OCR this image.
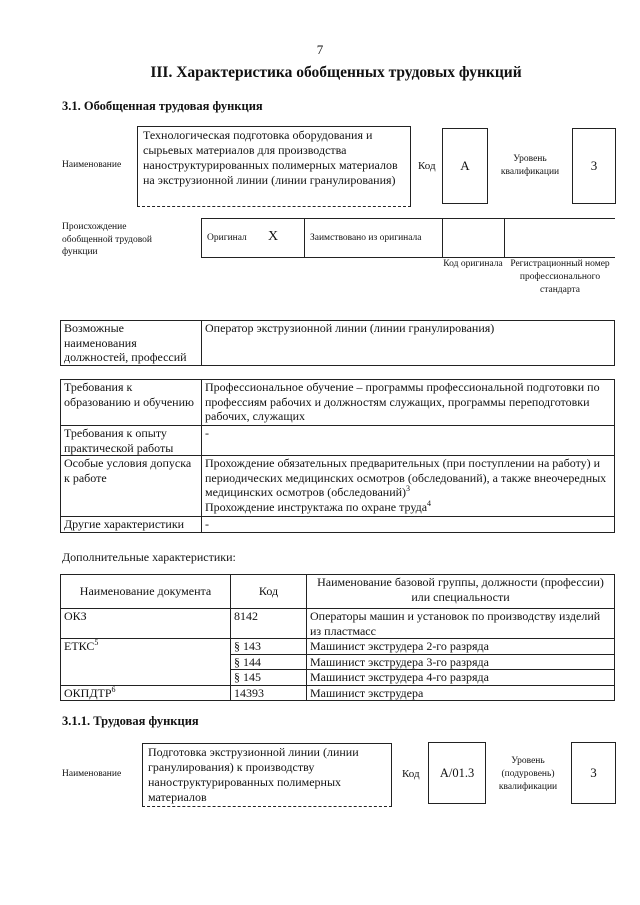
7
III. Характеристика обобщенных трудовых функций
3.1. Обобщенная трудовая функция
Наименование
Технологическая подготовка оборудования и сырьевых материалов для производства наноструктурированных полимерных материалов на экструзионной линии (линии гранулирования)
Код	А	Уровень квалификации	3
Происхождение обобщенной трудовой функции
Оригинал X	Заимствовано из оригинала
Код оригинала Регистрационный номер профессионального стандарта
Возможные наименования должностей, профессий	Оператор экструзионной линии (линии гранулирования)
Требования к образованию и обучению	Профессиональное обучение – программы профессиональной подготовки по профессиям рабочих и должностям служащих, программы переподготовки рабочих, служащих
Требования к опыту практической работы	-
Особые условия допуска к работе	Прохождение обязательных предварительных (при поступлении на работу) и периодических медицинских осмотров (обследований), а также внеочередных медицинских осмотров (обследований)$^3$
Прохождение инструктажа по охране труда$^4$
Другие характеристики	-
Дополнительные характеристики:
Наименование документа	Код	Наименование базовой группы, должности (профессии) или специальности
ОКЗ	8142	Операторы машин и установок по производству изделий из пластмасс
ЕТКС$^5$	§ 143	Машинист экструдера 2-го разряда
	§ 144	Машинист экструдера 3-го разряда
	§ 145	Машинист экструдера 4-го разряда
ОКПДТР$^6$	14393	Машинист экструдера
3.1.1. Трудовая функция
Наименование
Подготовка экструзионной линии (линии гранулирования) к производству наноструктурированных полимерных материалов
Код	А/01.3
Уровень (подуровень) квалификации
3
